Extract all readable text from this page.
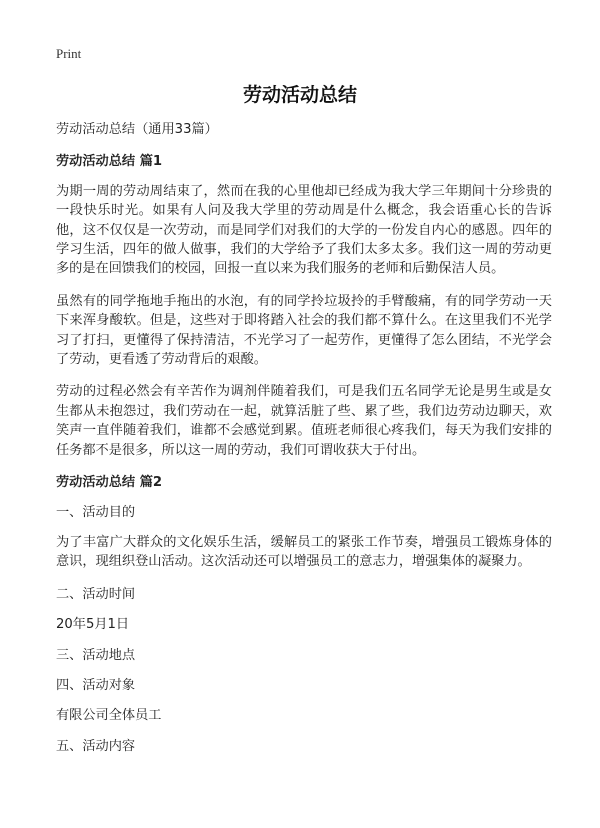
Print
劳动活动总结

劳动活动总结（通用33篇）

劳动活动总结 篇1

为期一周的劳动周结束了，然而在我的心里他却已经成为我大学三年期间十分珍贵的一段快乐时光。如果有人问及我大学里的劳动周是什么概念，我会语重心长的告诉他，这不仅仅是一次劳动，而是同学们对我们的大学的一份发自内心的感恩。四年的学习生活，四年的做人做事，我们的大学给予了我们太多太多。我们这一周的劳动更多的是在回馈我们的校园，回报一直以来为我们服务的老师和后勤保洁人员。

虽然有的同学拖地手拖出的水泡，有的同学拎垃圾拎的手臂酸痛，有的同学劳动一天下来浑身酸软。但是，这些对于即将踏入社会的我们都不算什么。在这里我们不光学习了打扫，更懂得了保持清洁，不光学习了一起劳作，更懂得了怎么团结，不光学会了劳动，更看透了劳动背后的艰酸。

劳动的过程必然会有辛苦作为调剂伴随着我们，可是我们五名同学无论是男生或是女生都从未抱怨过，我们劳动在一起，就算活脏了些、累了些，我们边劳动边聊天，欢笑声一直伴随着我们，谁都不会感觉到累。值班老师很心疼我们，每天为我们安排的任务都不是很多，所以这一周的劳动，我们可谓收获大于付出。

劳动活动总结 篇2

一、活动目的

为了丰富广大群众的文化娱乐生活，缓解员工的紧张工作节奏，增强员工锻炼身体的意识，现组织登山活动。这次活动还可以增强员工的意志力，增强集体的凝聚力。

二、活动时间

20年5月1日

三、活动地点

四、活动对象

有限公司全体员工

五、活动内容
